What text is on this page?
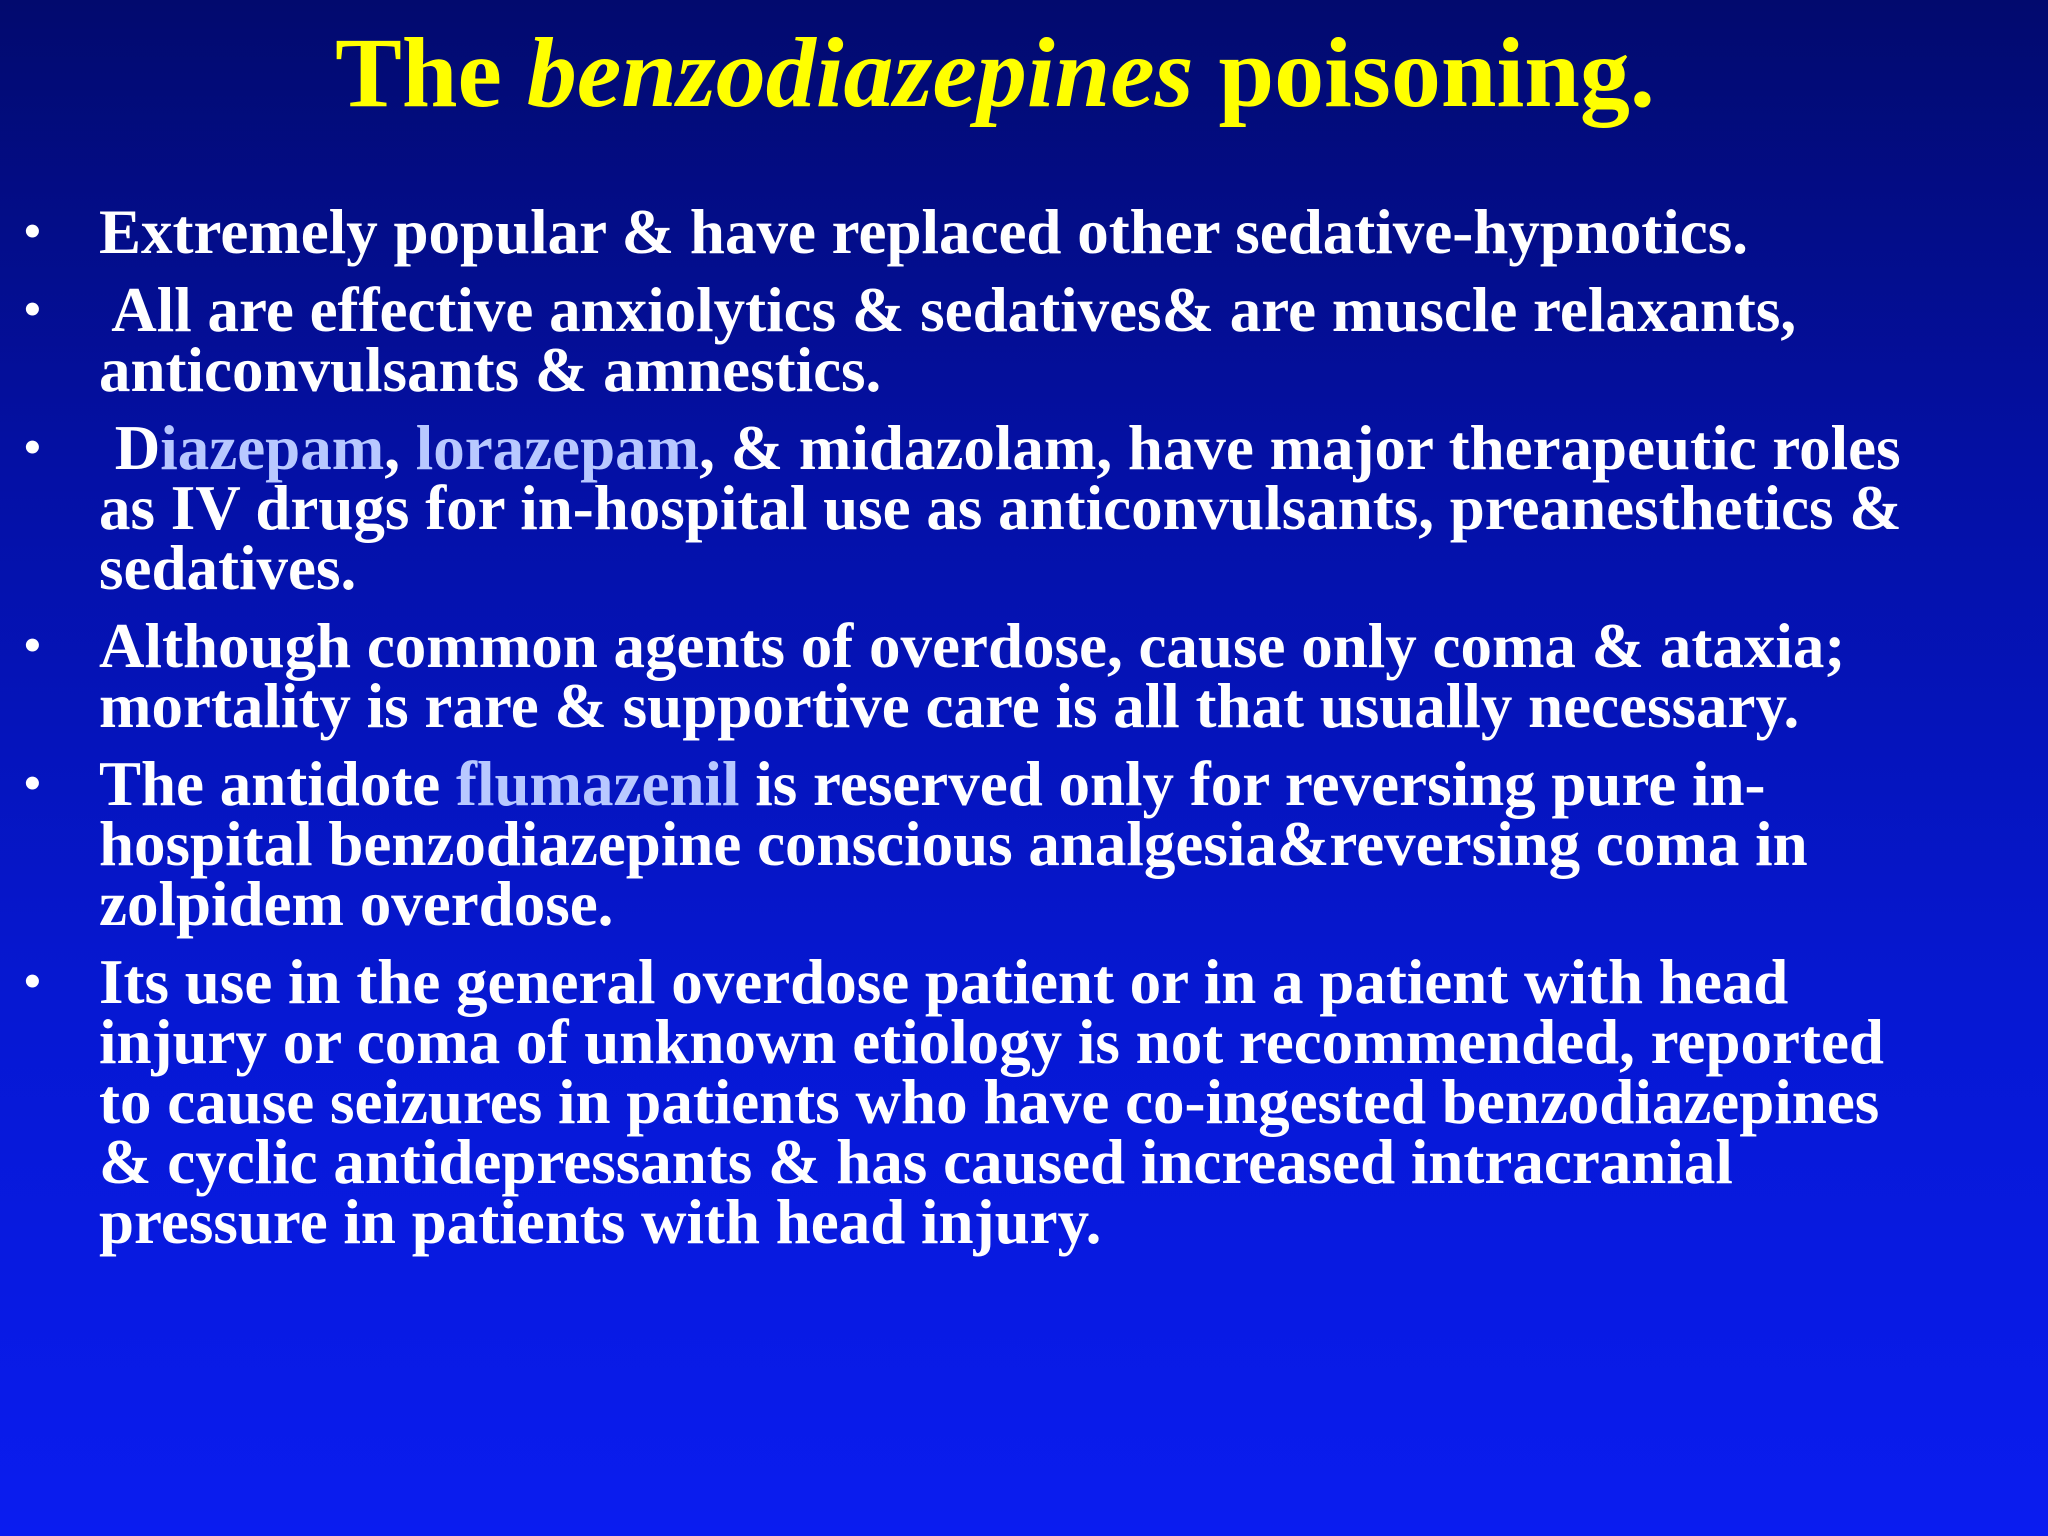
The benzodiazepines poisoning.
• Extremely popular & have replaced other sedative-hypnotics.
• All are effective anxiolytics & sedatives& are muscle relaxants,
anticonvulsants & amnestics.
• Diazepam, lorazepam, & midazolam, have major therapeutic roles
as IV drugs for in-hospital use as anticonvulsants, preanesthetics &
sedatives.
• Although common agents of overdose, cause only coma & ataxia;
mortality is rare & supportive care is all that usually necessary.
• The antidote flumazenil is reserved only for reversing pure in-
hospital benzodiazepine conscious analgesia&reversing coma in
zolpidem overdose.
• Its use in the general overdose patient or in a patient with head
injury or coma of unknown etiology is not recommended, reported
to cause seizures in patients who have co-ingested benzodiazepines
& cyclic antidepressants & has caused increased intracranial
pressure in patients with head injury.
